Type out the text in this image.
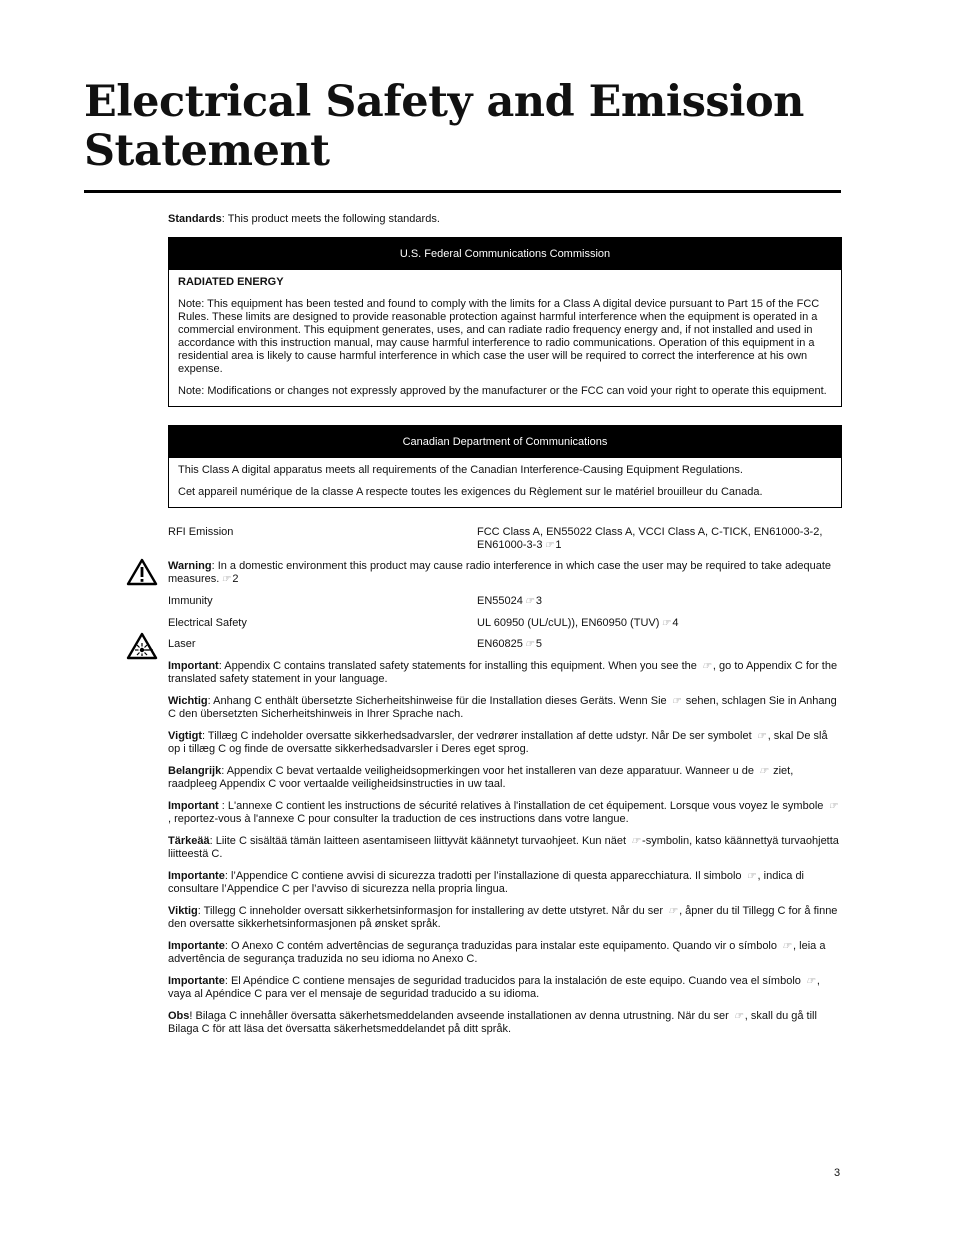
Electrical Safety and Emission Statement

Standards: This product meets the following standards.

U.S. Federal Communications Commission

RADIATED ENERGY

Note: This equipment has been tested and found to comply with the limits for a Class A digital device pursuant to Part 15 of the FCC Rules. These limits are designed to provide reasonable protection against harmful interference when the equipment is operated in a commercial environment. This equipment generates, uses, and can radiate radio frequency energy and, if not installed and used in accordance with this instruction manual, may cause harmful interference to radio communications. Operation of this equipment in a residential area is likely to cause harmful interference in which case the user will be required to correct the interference at his own expense.

Note: Modifications or changes not expressly approved by the manufacturer or the FCC can void your right to operate this equipment.

Canadian Department of Communications

This Class A digital apparatus meets all requirements of the Canadian Interference-Causing Equipment Regulations.

Cet appareil numérique de la classe A respecte toutes les exigences du Règlement sur le matériel brouilleur du Canada.

RFI Emission	FCC Class A, EN55022 Class A, VCCI Class A, C-TICK, EN61000-3-2, EN61000-3-3 ☞ 1

Warning: In a domestic environment this product may cause radio interference in which case the user may be required to take adequate measures. ☞ 2

Immunity	EN55024 ☞ 3
Electrical Safety	UL 60950 (UL/cUL)), EN60950 (TUV) ☞ 4
Laser	EN60825 ☞ 5

Important: Appendix C contains translated safety statements for installing this equipment. When you see the ☞ , go to Appendix C for the translated safety statement in your language.

Wichtig: Anhang C enthält übersetzte Sicherheitshinweise für die Installation dieses Geräts. Wenn Sie ☞ sehen, schlagen Sie in Anhang C den übersetzten Sicherheitshinweis in Ihrer Sprache nach.

Vigtigt: Tillæg C indeholder oversatte sikkerhedsadvarsler, der vedrører installation af dette udstyr. Når De ser symbolet ☞ , skal De slå op i tillæg C og finde de oversatte sikkerhedsadvarsler i Deres eget sprog.

Belangrijk: Appendix C bevat vertaalde veiligheidsopmerkingen voor het installeren van deze apparatuur. Wanneer u de ☞ ziet, raadpleeg Appendix C voor vertaalde veiligheidsinstructies in uw taal.

Important : L'annexe C contient les instructions de sécurité relatives à l'installation de cet équipement. Lorsque vous voyez le symbole ☞, reportez-vous à l'annexe C pour consulter la traduction de ces instructions dans votre langue.

Tärkeää: Liite C sisältää tämän laitteen asentamiseen liittyvät käännetyt turvaohjeet. Kun näet ☞ -symbolin, katso käännettyä turvaohjetta liitteestä C.

Importante: l’Appendice C contiene avvisi di sicurezza tradotti per l’installazione di questa apparecchiatura. Il simbolo ☞ , indica di consultare l’Appendice C per l’avviso di sicurezza nella propria lingua.

Viktig: Tillegg C inneholder oversatt sikkerhetsinformasjon for installering av dette utstyret. Når du ser ☞ , åpner du til Tillegg C for å finne den oversatte sikkerhetsinformasjonen på ønsket språk.

Importante: O Anexo C contém advertências de segurança traduzidas para instalar este equipamento. Quando vir o símbolo ☞ , leia a advertência de segurança traduzida no seu idioma no Anexo C.

Importante: El Apéndice C contiene mensajes de seguridad traducidos para la instalación de este equipo. Cuando vea el símbolo ☞ , vaya al Apéndice C para ver el mensaje de seguridad traducido a su idioma.

Obs! Bilaga C innehåller översatta säkerhetsmeddelanden avseende installationen av denna utrustning. När du ser ☞ , skall du gå till Bilaga C för att läsa det översatta säkerhetsmeddelandet på ditt språk.

3
